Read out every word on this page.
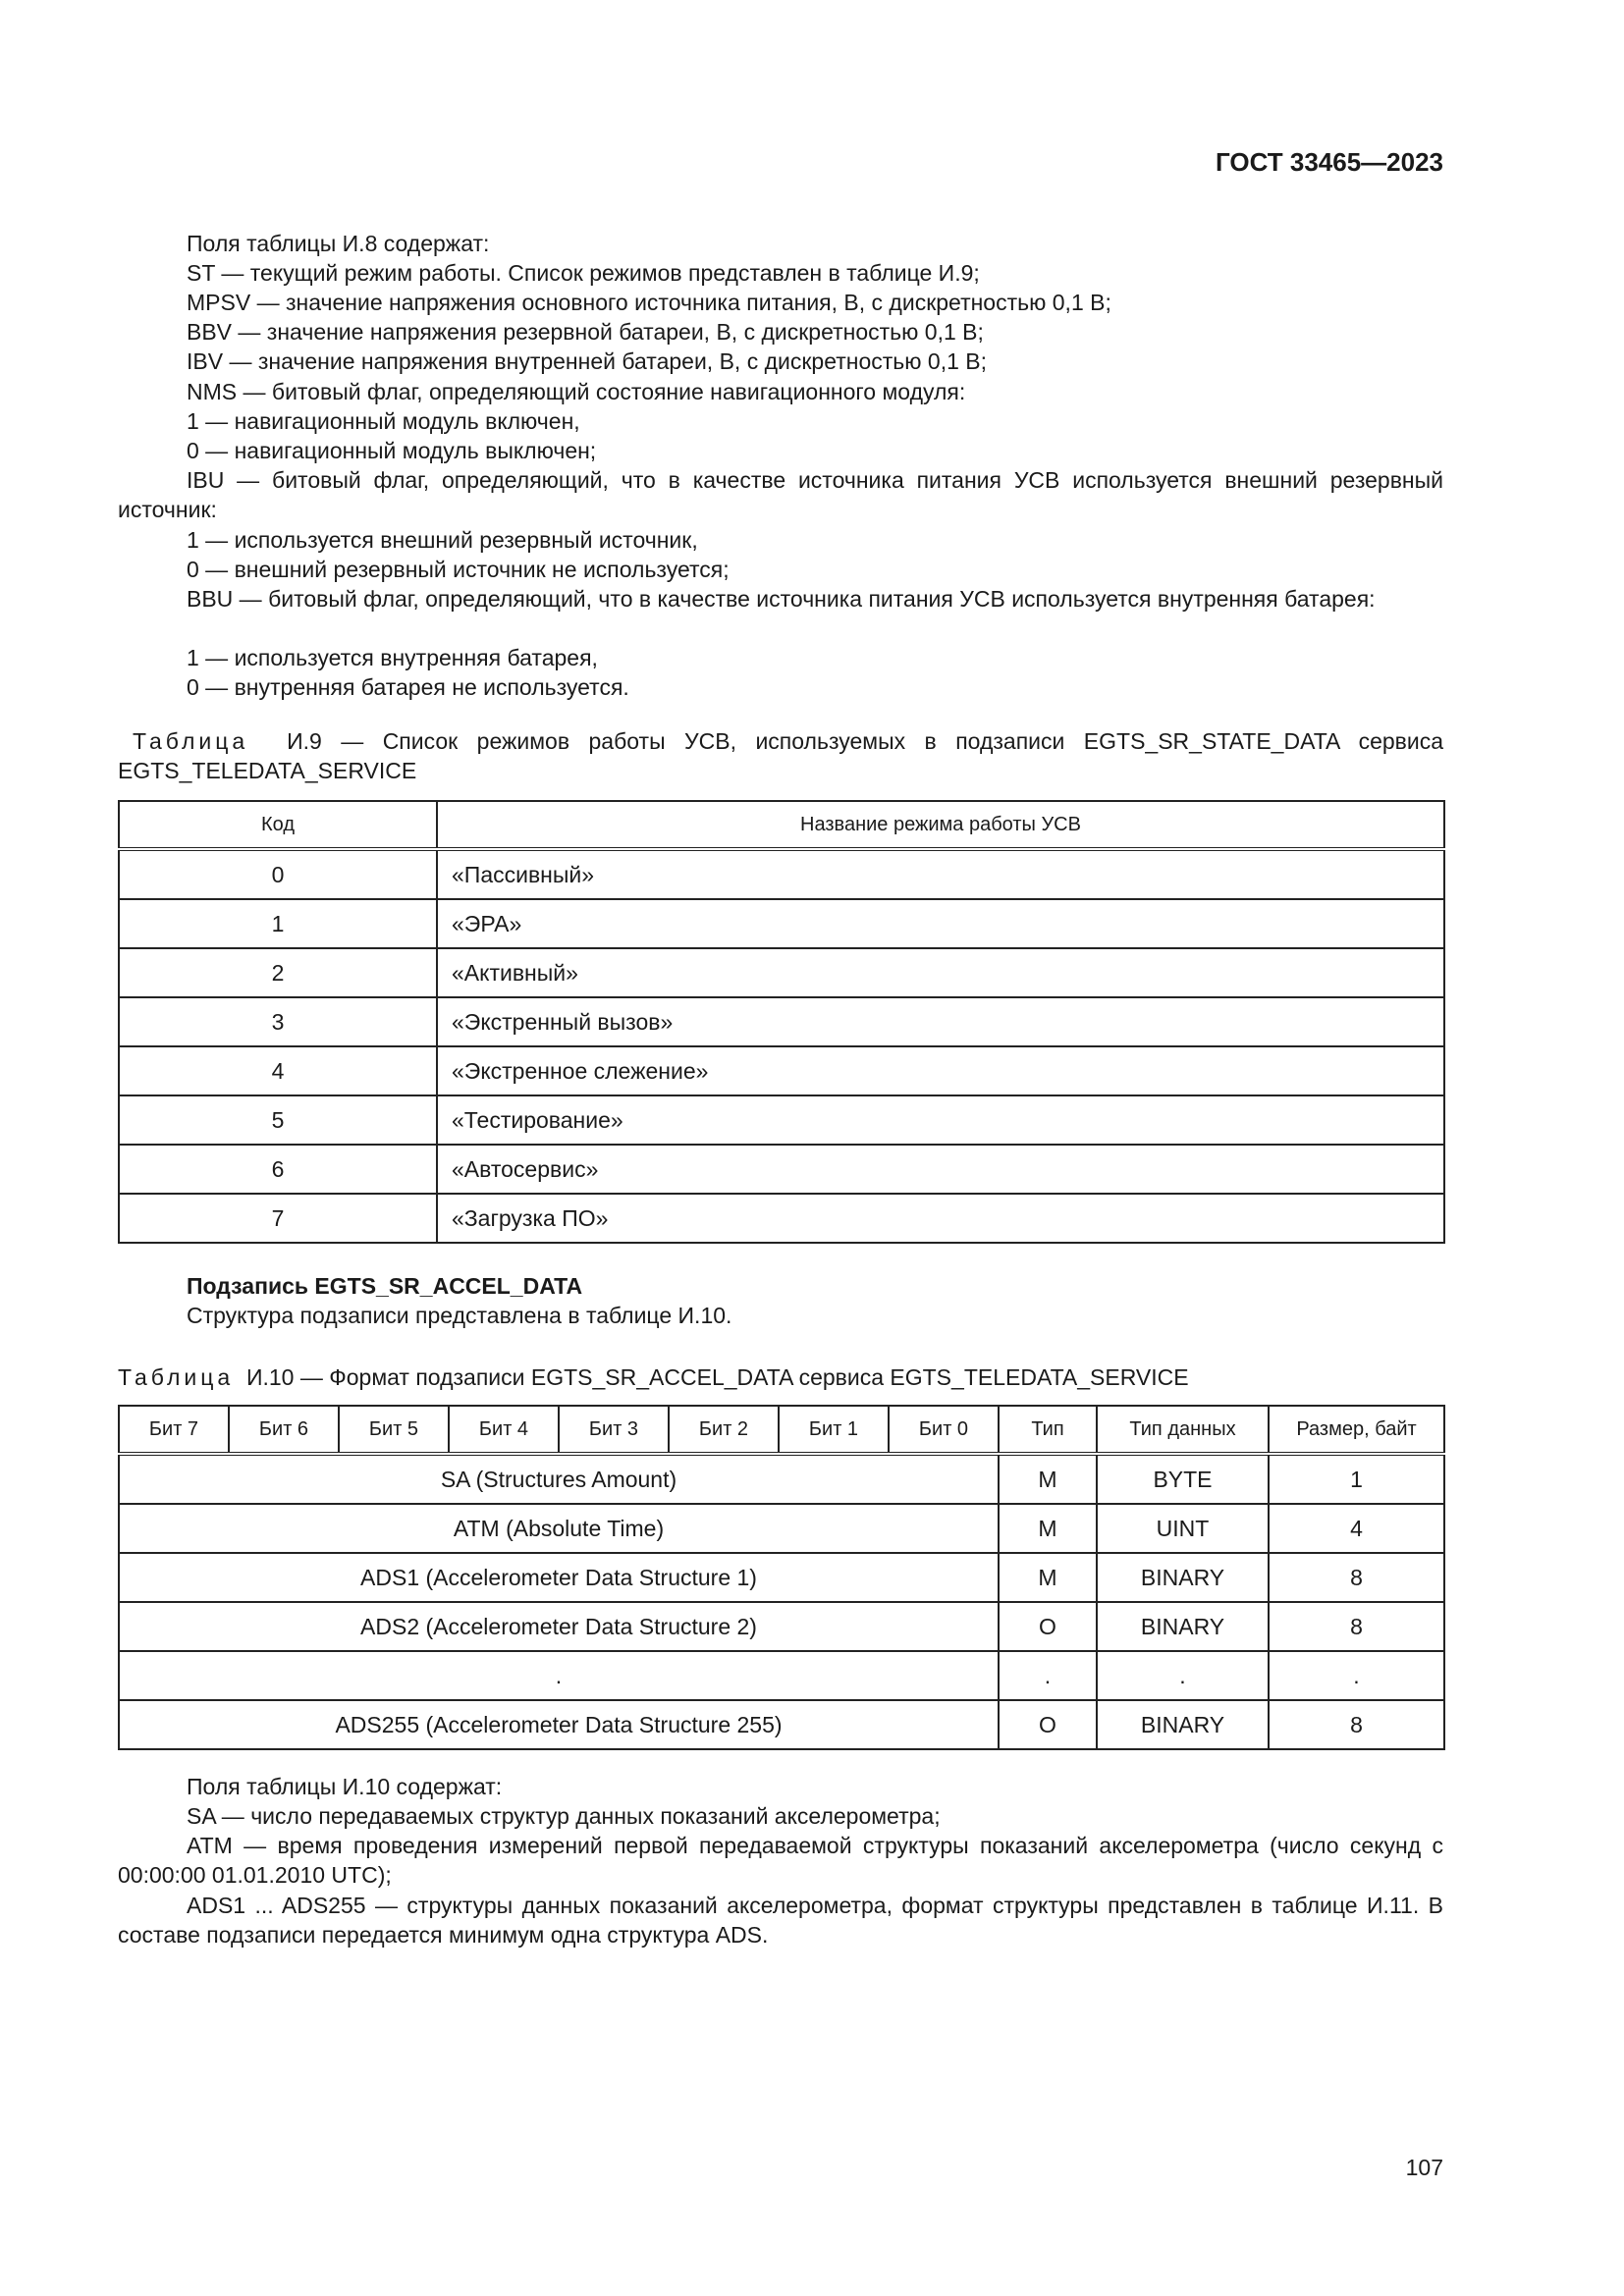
ГОСТ 33465—2023
Поля таблицы И.8 содержат:
ST — текущий режим работы. Список режимов представлен в таблице И.9;
MPSV — значение напряжения основного источника питания, В, с дискретностью 0,1 В;
BBV — значение напряжения резервной батареи, В, с дискретностью 0,1 В;
IBV — значение напряжения внутренней батареи, В, с дискретностью 0,1 В;
NMS — битовый флаг, определяющий состояние навигационного модуля:
1 — навигационный модуль включен,
0 — навигационный модуль выключен;
IBU — битовый флаг, определяющий, что в качестве источника питания УСВ используется внешний резервный источник:
1 — используется внешний резервный источник,
0 — внешний резервный источник не используется;
BBU — битовый флаг, определяющий, что в качестве источника питания УСВ используется внутренняя батарея:
1 — используется внутренняя батарея,
0 — внутренняя батарея не используется.
Таблица И.9 — Список режимов работы УСВ, используемых в подзаписи EGTS_SR_STATE_DATA сервиса EGTS_TELEDATA_SERVICE
Код	Название режима работы УСВ
0	«Пассивный»
1	«ЭРА»
2	«Активный»
3	«Экстренный вызов»
4	«Экстренное слежение»
5	«Тестирование»
6	«Автосервис»
7	«Загрузка ПО»
Подзапись EGTS_SR_ACCEL_DATA
Структура подзаписи представлена в таблице И.10.
Таблица И.10 — Формат подзаписи EGTS_SR_ACCEL_DATA сервиса EGTS_TELEDATA_SERVICE
Бит 7	Бит 6	Бит 5	Бит 4	Бит 3	Бит 2	Бит 1	Бит 0	Тип	Тип данных	Размер, байт
SA (Structures Amount)								M	BYTE	1
ATM (Absolute Time)								M	UINT	4
ADS1 (Accelerometer Data Structure 1)								M	BINARY	8
ADS2 (Accelerometer Data Structure 2)								O	BINARY	8
.								.	.	.
ADS255 (Accelerometer Data Structure 255)								O	BINARY	8
Поля таблицы И.10 содержат:
SA — число передаваемых структур данных показаний акселерометра;
ATM — время проведения измерений первой передаваемой структуры показаний акселерометра (число секунд с 00:00:00 01.01.2010 UTC);
ADS1 ... ADS255 — структуры данных показаний акселерометра, формат структуры представлен в таблице И.11. В составе подзаписи передается минимум одна структура ADS.
107
